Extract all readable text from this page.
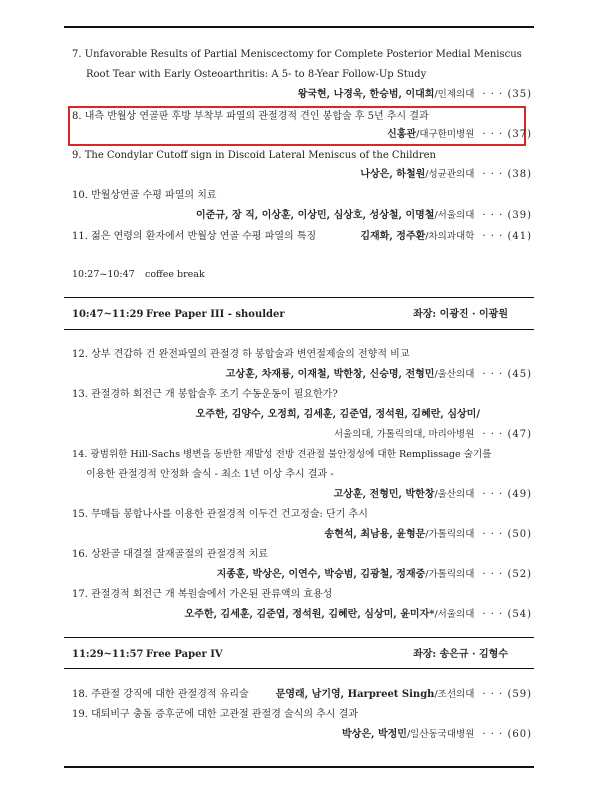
7. Unfavorable Results of Partial Meniscectomy for Complete Posterior Medial Meniscus
Root Tear with Early Osteoarthritis: A 5- to 8-Year Follow-Up Study
왕국현, 나경욱, 한승범, 이대희/인제의대 · · · (35)
8. 내측 반월상 연골판 후방 부착부 파열의 관절경적 견인 봉합술 후 5년 추시 결과
신홍관/대구한미병원 · · · (37)
9. The Condylar Cutoff sign in Discoid Lateral Meniscus of the Children
나상은, 하철원/성균관의대 · · · (38)
10. 반월상연골 수평 파열의 치료
이준규, 장 직, 이상훈, 이상민, 심상호, 성상철, 이명철/서울의대 · · · (39)
11. 젊은 연령의 환자에서 반월상 연골 수평 파열의 특징	김재화, 정주환/차의과대학 · · · (41)
10:27~10:47 coffee break
10:47~11:29 Free Paper III - shoulder	좌장: 이광진 · 이광원
12. 상부 견갑하 건 완전파열의 관절경 하 봉합술과 변연절제술의 전향적 비교
고상훈, 차재룡, 이재철, 박한창, 신승명, 전형민/울산의대 · · · (45)
13. 관절경하 회전근 개 봉합술후 조기 수동운동이 필요한가?
오주한, 김양수, 오정희, 김세훈, 김준엽, 정석원, 김혜란, 심상미/
서울의대, 가톨릭의대, 마리아병원 · · · (47)
14. 광범위한 Hill-Sachs 병변을 동반한 재발성 전방 견관절 불안정성에 대한 Remplissage 술기를
이용한 관절경적 안정화 술식 - 최소 1년 이상 추시 결과 -
고상훈, 전형민, 박한창/울산의대 · · · (49)
15. 무매듭 봉합나사를 이용한 관절경적 이두건 건고정술: 단기 추시
송현석, 최남용, 윤형문/가톨릭의대 · · · (50)
16. 상완골 대결절 잘재골절의 관절경적 치료
지종훈, 박상은, 이연수, 박승범, 김광철, 정재중/가톨릭의대 · · · (52)
17. 관절경적 회전근 개 복원술에서 가온된 관류액의 효용성
오주한, 김세훈, 김준엽, 정석원, 김혜란, 심상미, 윤미자*/서울의대 · · · (54)
11:29~11:57 Free Paper IV	좌장: 송은규 · 김형수
18. 주관절 강직에 대한 관절경적 유리술	문영래, 남기영, Harpreet Singh/조선의대 · · · (59)
19. 대퇴비구 충돌 증후군에 대한 고관절 관절경 술식의 추시 결과
박상은, 박정민/일산동국대병원 · · · (60)
